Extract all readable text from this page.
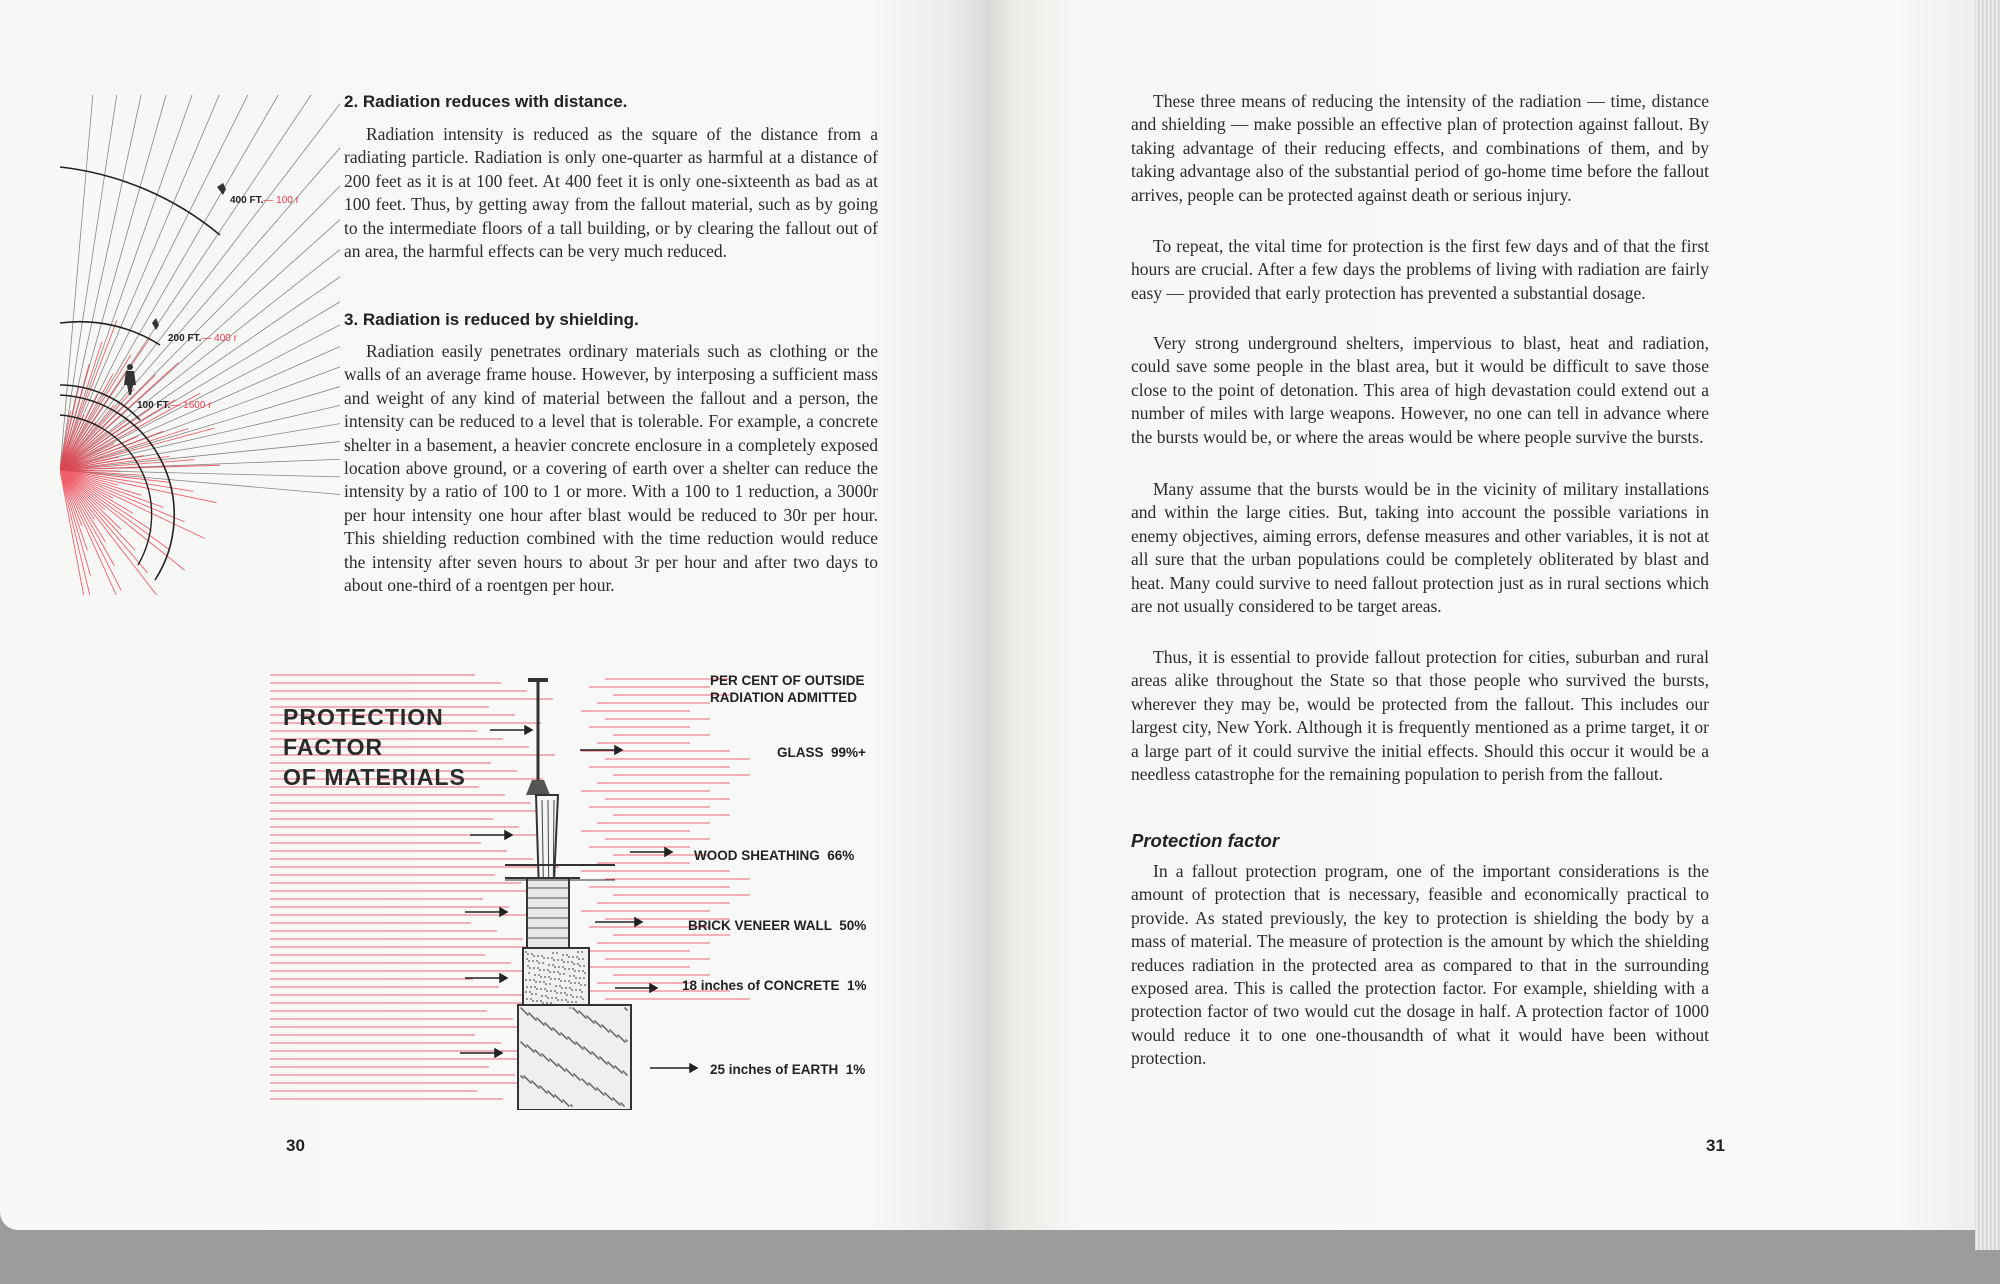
400 FT.— 100 r

200 FT.— 400 r

100 FT.— 1600 r

2. Radiation reduces with distance.

Radiation intensity is reduced as the square of the distance from a radiating particle. Radiation is only one-quarter as harmful at a distance of 200 feet as it is at 100 feet. At 400 feet it is only one-sixteenth as bad as at 100 feet. Thus, by getting away from the fallout material, such as by going to the intermediate floors of a tall building, or by clearing the fallout out of an area, the harmful effects can be very much reduced.

3. Radiation is reduced by shielding.

Radiation easily penetrates ordinary materials such as clothing or the walls of an average frame house. However, by interposing a sufficient mass and weight of any kind of material between the fallout and a person, the intensity can be reduced to a level that is tolerable. For example, a concrete shelter in a basement, a heavier concrete enclosure in a completely exposed location above ground, or a covering of earth over a shelter can reduce the intensity by a ratio of 100 to 1 or more. With a 100 to 1 reduction, a 3000r per hour intensity one hour after blast would be reduced to 30r per hour. This shielding reduction combined with the time reduction would reduce the intensity after seven hours to about 3r per hour and after two days to about one-third of a roentgen per hour.

PROTECTION
FACTOR
OF MATERIALS
PER CENT OF OUTSIDE
RADIATION ADMITTED

GLASS  99%+

WOOD SHEATHING  66%

BRICK VENEER WALL  50%

18 inches of CONCRETE  1%

25 inches of EARTH  1%

30

These three means of reducing the intensity of the radiation — time, distance and shielding — make possible an effective plan of protection against fallout. By taking advantage of their reducing effects, and combinations of them, and by taking advantage also of the substantial period of go-home time before the fallout arrives, people can be protected against death or serious injury.

To repeat, the vital time for protection is the first few days and of that the first hours are crucial. After a few days the problems of living with radiation are fairly easy — provided that early protection has prevented a substantial dosage.

Very strong underground shelters, impervious to blast, heat and radiation, could save some people in the blast area, but it would be difficult to save those close to the point of detonation. This area of high devastation could extend out a number of miles with large weapons. However, no one can tell in advance where the bursts would be, or where the areas would be where people survive the bursts.

Many assume that the bursts would be in the vicinity of military installations and within the large cities. But, taking into account the possible variations in enemy objectives, aiming errors, defense measures and other variables, it is not at all sure that the urban populations could be completely obliterated by blast and heat. Many could survive to need fallout protection just as in rural sections which are not usually considered to be target areas.

Thus, it is essential to provide fallout protection for cities, suburban and rural areas alike throughout the State so that those people who survived the bursts, wherever they may be, would be protected from the fallout. This includes our largest city, New York. Although it is frequently mentioned as a prime target, it or a large part of it could survive the initial effects. Should this occur it would be a needless catastrophe for the remaining population to perish from the fallout.

Protection factor

In a fallout protection program, one of the important considerations is the amount of protection that is necessary, feasible and economically practical to provide. As stated previously, the key to protection is shielding the body by a mass of material. The measure of protection is the amount by which the shielding reduces radiation in the protected area as compared to that in the surrounding exposed area. This is called the protection factor. For example, shielding with a protection factor of two would cut the dosage in half. A protection factor of 1000 would reduce it to one one-thousandth of what it would have been without protection.

31
